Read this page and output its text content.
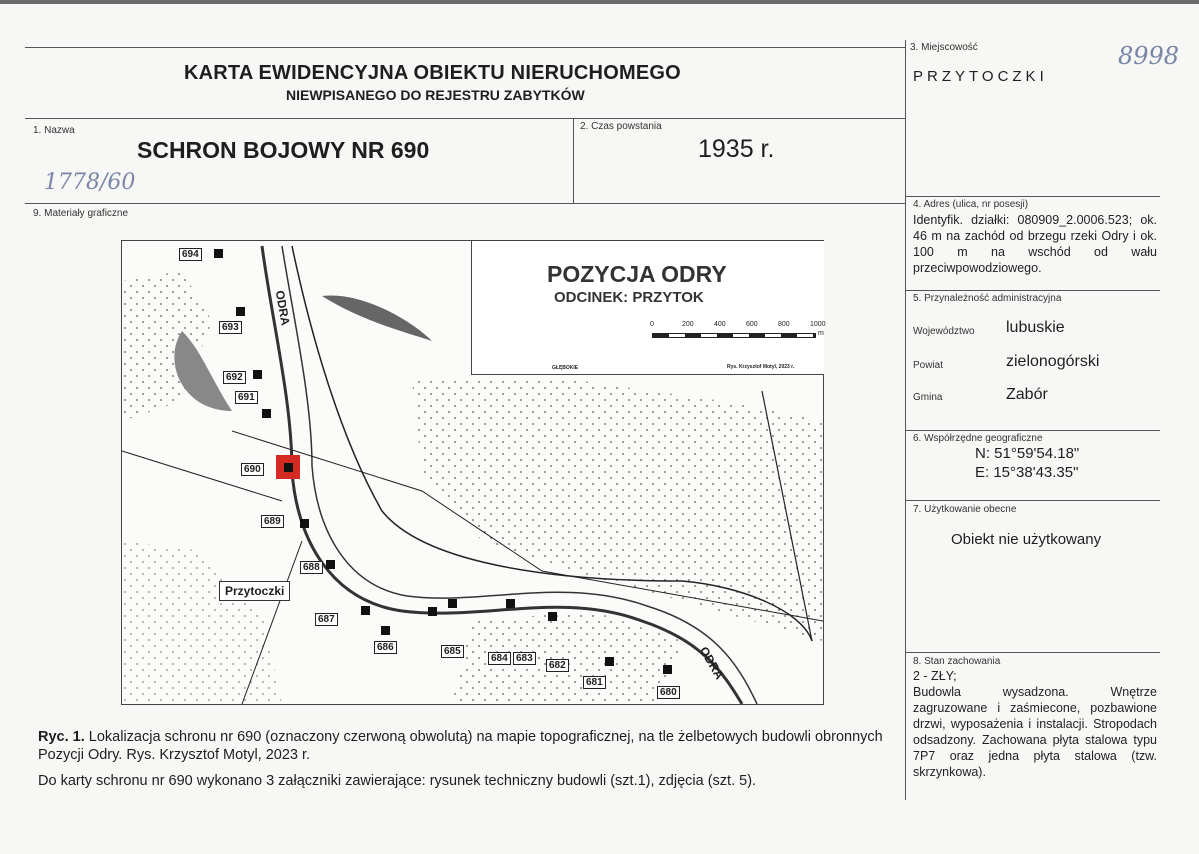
KARTA EWIDENCYJNA OBIEKTU NIERUCHOMEGO
NIEWPISANEGO DO REJESTRU ZABYTKÓW
8998
1. Nazwa
SCHRON BOJOWY NR 690
1778/60
2. Czas powstania
1935 r.
3. Miejscowość
PRZYTOCZKI
4. Adres (ulica, nr posesji)
Identyfik. działki: 080909_2.0006.523; ok. 46 m na zachód od brzegu rzeki Odry i ok. 100 m na wschód od wału przeciwpowodziowego.
5. Przynależność administracyjna
Województwo lubuskie
Powiat	zielonogórski
Gmina	Zabór
6. Współrzędne geograficzne
N: 51°59'54.18"
E: 15°38'43.35"
7. Użytkowanie obecne
Obiekt nie użytkowany
8. Stan zachowania
2 - ZŁY;
Budowla wysadzona. Wnętrze zagruzowane i zaśmiecone, pozbawione drzwi, wyposażenia i instalacji. Stropodach odsadzony. Zachowana płyta stalowa typu 7P7 oraz jedna płyta stalowa (tzw. skrzynkowa).
9. Materiały graficzne
POZYCJA ODRY
ODCINEK: PRZYTOK
0	200	400	600	800	1000
m
Rys. Krzysztof Motyl, 2023 r.
GŁĘBOKIE
ODRA
ODRA
Przytoczki
694
693
692
691
690
689
688
687
686	685
684 683
682
681
680
Ryc. 1. Lokalizacja schronu nr 690 (oznaczony czerwoną obwolutą) na mapie topograficznej, na tle żelbetowych budowli obronnych Pozycji Odry. Rys. Krzysztof Motyl, 2023 r.
Do karty schronu nr 690 wykonano 3 załączniki zawierające: rysunek techniczny budowli (szt.1), zdjęcia (szt. 5).
